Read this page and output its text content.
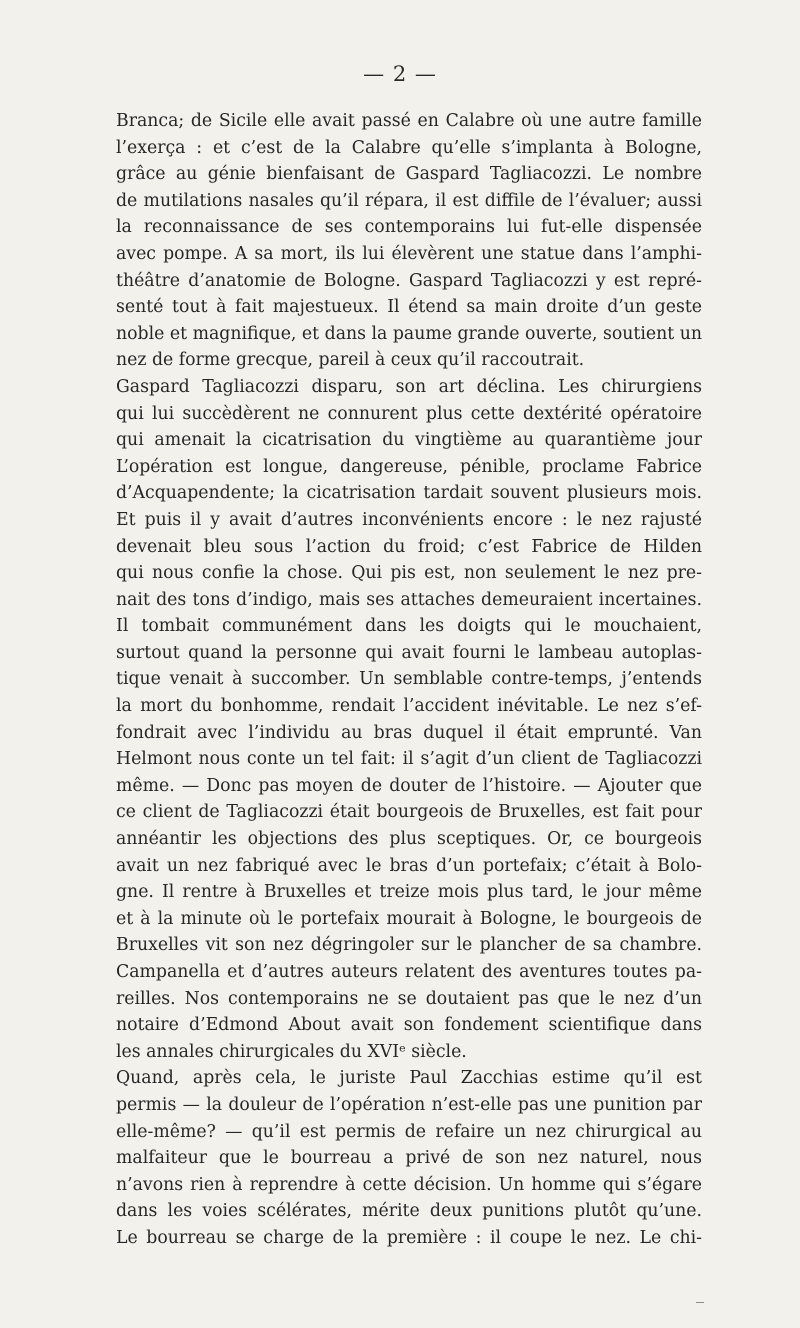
— 2 —
Branca; de Sicile elle avait passé en Calabre où une autre famille
l’exerça : et c’est de la Calabre qu’elle s’implanta à Bologne,
grâce au génie bienfaisant de Gaspard Tagliacozzi. Le nombre
de mutilations nasales qu’il répara, il est diffile de l’évaluer; aussi
la reconnaissance de ses contemporains lui fut-elle dispensée
avec pompe. A sa mort, ils lui élevèrent une statue dans l’amphi-
théâtre d’anatomie de Bologne. Gaspard Tagliacozzi y est repré-
senté tout à fait majestueux. Il étend sa main droite d’un geste
noble et magnifique, et dans la paume grande ouverte, soutient un
nez de forme grecque, pareil à ceux qu’il raccoutrait.
Gaspard Tagliacozzi disparu, son art déclina. Les chirurgiens
qui lui succèdèrent ne connurent plus cette dextérité opératoire
qui amenait la cicatrisation du vingtième au quarantième jour
L’opération est longue, dangereuse, pénible, proclame Fabrice
d’Acquapendente; la cicatrisation tardait souvent plusieurs mois.
Et puis il y avait d’autres inconvénients encore : le nez rajusté
devenait bleu sous l’action du froid; c’est Fabrice de Hilden
qui nous confie la chose. Qui pis est, non seulement le nez pre-
nait des tons d’indigo, mais ses attaches demeuraient incertaines.
Il tombait communément dans les doigts qui le mouchaient,
surtout quand la personne qui avait fourni le lambeau autoplas-
tique venait à succomber. Un semblable contre-temps, j’entends
la mort du bonhomme, rendait l’accident inévitable. Le nez s’ef-
fondrait avec l’individu au bras duquel il était emprunté. Van
Helmont nous conte un tel fait: il s’agit d’un client de Tagliacozzi
même. — Donc pas moyen de douter de l’histoire. — Ajouter que
ce client de Tagliacozzi était bourgeois de Bruxelles, est fait pour
annéantir les objections des plus sceptiques. Or, ce bourgeois
avait un nez fabriqué avec le bras d’un portefaix; c’était à Bolo-
gne. Il rentre à Bruxelles et treize mois plus tard, le jour même
et à la minute où le portefaix mourait à Bologne, le bourgeois de
Bruxelles vit son nez dégringoler sur le plancher de sa chambre.
Campanella et d’autres auteurs relatent des aventures toutes pa-
reilles. Nos contemporains ne se doutaient pas que le nez d’un
notaire d’Edmond About avait son fondement scientifique dans
les annales chirurgicales du XVIᵉ siècle.
Quand, après cela, le juriste Paul Zacchias estime qu’il est
permis — la douleur de l’opération n’est-elle pas une punition par
elle-même? — qu’il est permis de refaire un nez chirurgical au
malfaiteur que le bourreau a privé de son nez naturel, nous
n’avons rien à reprendre à cette décision. Un homme qui s’égare
dans les voies scélérates, mérite deux punitions plutôt qu’une.
Le bourreau se charge de la première : il coupe le nez. Le chi-
